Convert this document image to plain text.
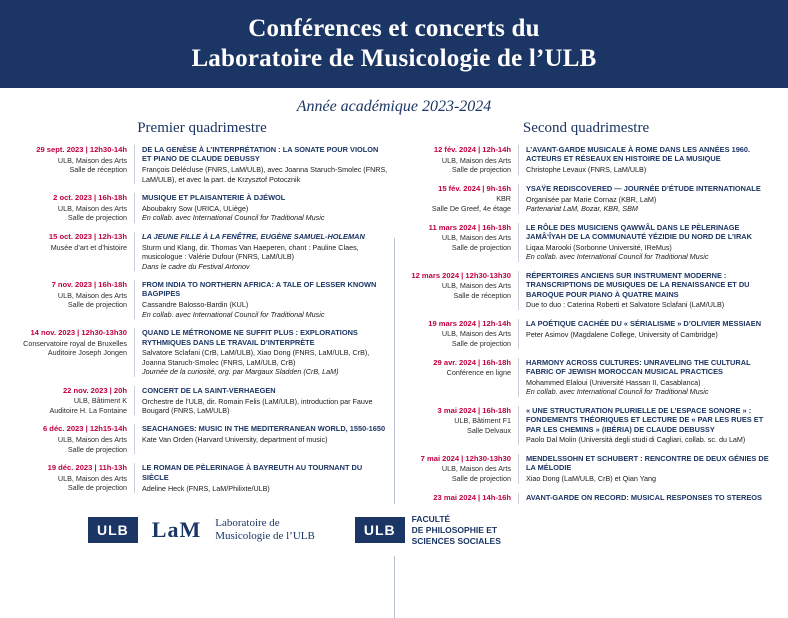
Conférences et concerts du
Laboratoire de Musicologie de l’ULB
Année académique 2023-2024
Premier quadrimestre
29 sept. 2023 | 12h30-14h
ULB, Maison des Arts
Salle de réception
DE LA GENÈSE À L’INTERPRÉTATION : LA SONATE POUR VIOLON ET PIANO DE CLAUDE DEBUSSY
François Delécluse (FNRS, LaM/ULB), avec Joanna Staruch-Smolec (FNRS, LaM/ULB), et avec la part. de Krzysztof Potocznik
2 oct. 2023 | 16h-18h
ULB, Maison des Arts
Salle de projection
MUSIQUE ET PLAISANTERIE À DJÉWOL
Aboubakry Sow (URICA, ULiège)
En collab. avec International Council for Traditional Music
15 oct. 2023 | 12h-13h
Musée d’art et d’histoire
LA JEUNE FILLE À LA FENÊTRE, EUGÈNE SAMUEL-HOLEMAN
Sturm und Klang, dir. Thomas Van Haeperen, chant : Pauline Claes, musicologue : Valérie Dufour (FNRS, LaM/ULB)
Dans le cadre du Festival Artonov
7 nov. 2023 | 16h-18h
ULB, Maison des Arts
Salle de projection
FROM INDIA TO NORTHERN AFRICA: A TALE OF LESSER KNOWN BAGPIPES
Cassandre Balosso-Bardin (KUL)
En collab. avec International Council for Traditional Music
14 nov. 2023 | 12h30-13h30
Conservatoire royal de Bruxelles
Auditoire Joseph Jongen
QUAND LE MÉTRONOME NE SUFFIT PLUS : EXPLORATIONS RYTHMIQUES DANS LE TRAVAIL D’INTERPRÈTE
Salvatore Sclafani (CrB, LaM/ULB), Xiao Dong (FNRS, LaM/ULB, CrB), Joanna Staruch-Smolec (FNRS, LaM/ULB, CrB)
Journée de la curiosité, org. par Margaux Sladden (CrB, LaM)
22 nov. 2023 | 20h
ULB, Bâtiment K
Auditoire H. La Fontaine
CONCERT DE LA SAINT-VERHAEGEN
Orchestre de l’ULB, dir. Romain Felis (LaM/ULB), introduction par Fauve Bougard (FNRS, LaM/ULB)
6 déc. 2023 | 12h15-14h
ULB, Maison des Arts
Salle de projection
SEACHANGES: MUSIC IN THE MEDITERRANEAN WORLD, 1550-1650
Kate Van Orden (Harvard University, department of music)
19 déc. 2023 | 11h-13h
ULB, Maison des Arts
Salle de projection
LE ROMAN DE PÈLERINAGE À BAYREUTH AU TOURNANT DU SIÈCLE
Adeline Heck (FNRS, LaM/Philixte/ULB)
Second quadrimestre
12 fév. 2024 | 12h-14h
ULB, Maison des Arts
Salle de projection
L’AVANT-GARDE MUSICALE À ROME DANS LES ANNÉES 1960. ACTEURS ET RÉSEAUX EN HISTOIRE DE LA MUSIQUE
Christophe Levaux (FNRS, LaM/ULB)
15 fév. 2024 | 9h-16h
KBR
Salle De Greef, 4e étage
YSAŸE REDISCOVERED — JOURNÉE D’ÉTUDE INTERNATIONALE
Organisée par Marie Cornaz (KBR, LaM)
Partenariat LaM, Bozar, KBR, SBM
11 mars 2024 | 16h-18h
ULB, Maison des Arts
Salle de projection
LE RÔLE DES MUSICIENS QAWWÂL DANS LE PÈLERINAGE JAMÂ‘ÎYAH DE LA COMMUNAUTÉ YÉZIDIE DU NORD DE L’IRAK
Liqaa Marooki (Sorbonne Université, IReMus)
En collab. avec International Council for Traditional Music
12 mars 2024 | 12h30-13h30
ULB, Maison des Arts
Salle de réception
RÉPERTOIRES ANCIENS SUR INSTRUMENT MODERNE : TRANSCRIPTIONS DE MUSIQUES DE LA RENAISSANCE ET DU BAROQUE POUR PIANO À QUATRE MAINS
Due to duo : Caterina Roberti et Salvatore Sclafani (LaM/ULB)
19 mars 2024 | 12h-14h
ULB, Maison des Arts
Salle de projection
LA POÉTIQUE CACHÉE DU « SÉRIALISME » D’OLIVIER MESSIAEN
Peter Asimov (Magdalene College, University of Cambridge)
29 avr. 2024 | 16h-18h
Conférence en ligne
HARMONY ACROSS CULTURES: UNRAVELING THE CULTURAL FABRIC OF JEWISH MOROCCAN MUSICAL PRACTICES
Mohammed Elaloui (Université Hassan II, Casablanca)
En collab. avec International Council for Traditional Music
3 mai 2024 | 16h-18h
ULB, Bâtiment F1
Salle Delvaux
« UNE STRUCTURATION PLURIELLE DE L’ESPACE SONORE » : FONDEMENTS THÉORIQUES ET LECTURE DE « PAR LES RUES ET PAR LES CHEMINS » (IBÉRIA) DE CLAUDE DEBUSSY
Paolo Dal Molin (Università degli studi di Cagliari, collab. sc. du LaM)
7 mai 2024 | 12h30-13h30
ULB, Maison des Arts
Salle de projection
MENDELSSOHN ET SCHUBERT : RENCONTRE DE DEUX GÉNIES DE LA MÉLODIE
Xiao Dong (LaM/ULB, CrB) et Qian Yang
23 mai 2024 | 14h-16h AVANT-GARDE ON RECORD: MUSICAL RESPONSES TO STEREOS
ULB	LaM Laboratoire de
Musicologie de l’ULB	ULB
FACULTÉ
DE PHILOSOPHIE ET
SCIENCES SOCIALES
